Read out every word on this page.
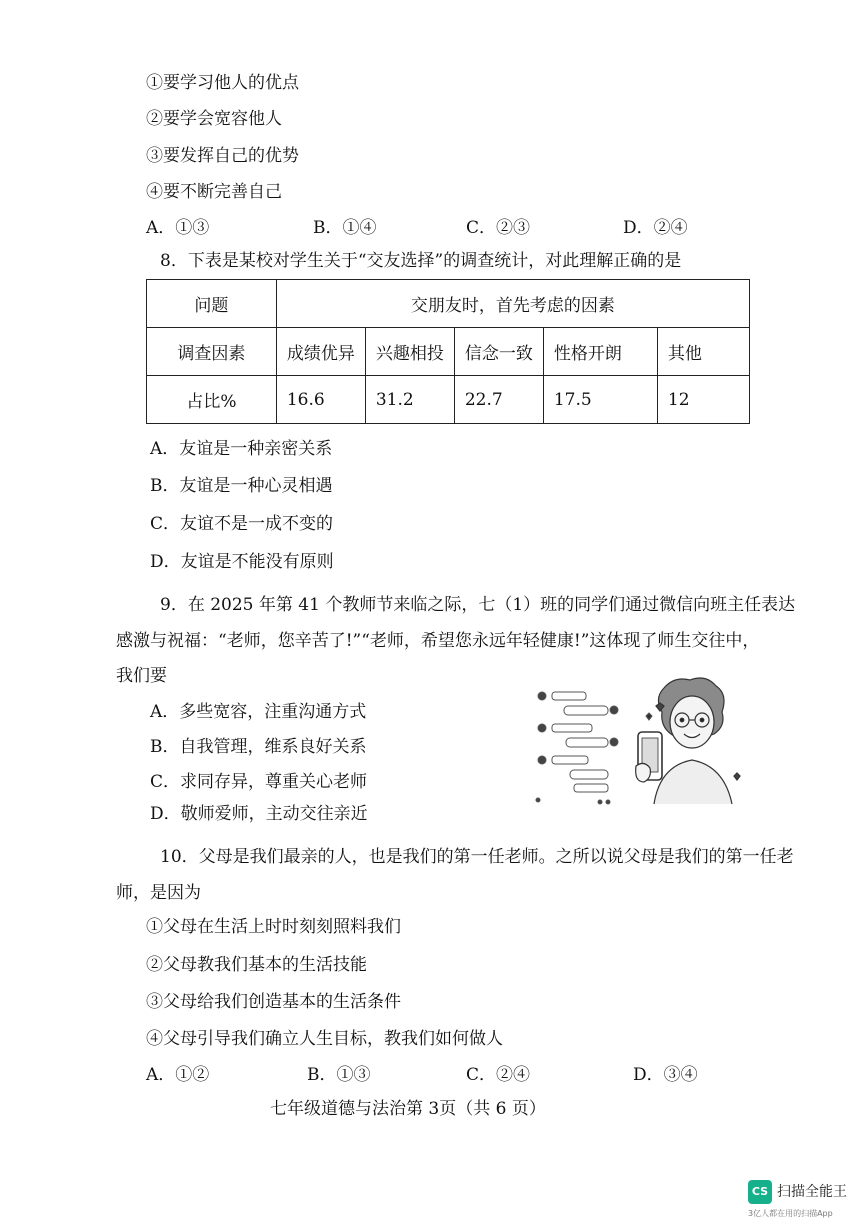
①要学习他人的优点
②要学会宽容他人
③要发挥自己的优势
④要不断完善自己
A．①③	B．①④	C．②③	D．②④
8．下表是某校对学生关于“交友选择”的调查统计，对此理解正确的是
问题	交朋友时，首先考虑的因素				
调查因素	成绩优异	兴趣相投	信念一致	性格开朗	其他
占比%	16.6	31.2	22.7	17.5	12
A．友谊是一种亲密关系
B．友谊是一种心灵相遇
C．友谊不是一成不变的
D．友谊是不能没有原则
9．在 2025 年第 41 个教师节来临之际，七（1）班的同学们通过微信向班主任表达
感激与祝福：“老师，您辛苦了!”“老师，希望您永远年轻健康!”这体现了师生交往中，
我们要
A．多些宽容，注重沟通方式
B．自我管理，维系良好关系
C．求同存异，尊重关心老师
D．敬师爱师，主动交往亲近
10．父母是我们最亲的人，也是我们的第一任老师。之所以说父母是我们的第一任老
师，是因为
①父母在生活上时时刻刻照料我们
②父母教我们基本的生活技能
③父母给我们创造基本的生活条件
④父母引导我们确立人生目标，教我们如何做人
A．①②	B．①③	C．②④	D．③④
七年级道德与法治第 3页（共 6 页）
CS 扫描全能王
3亿人都在用的扫描App
